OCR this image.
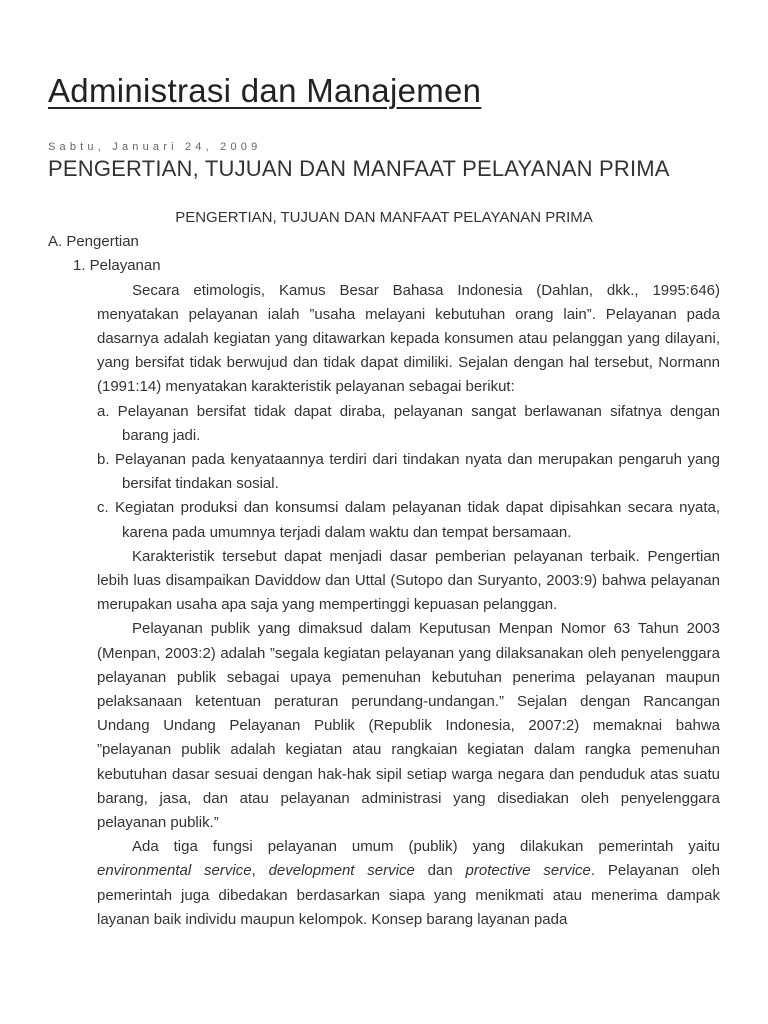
Administrasi dan Manajemen
Sabtu, Januari 24, 2009
PENGERTIAN, TUJUAN DAN MANFAAT PELAYANAN PRIMA
PENGERTIAN, TUJUAN DAN MANFAAT PELAYANAN PRIMA
A. Pengertian
1. Pelayanan

Secara etimologis, Kamus Besar Bahasa Indonesia (Dahlan, dkk., 1995:646) menyatakan pelayanan ialah ”usaha melayani kebutuhan orang lain”. Pelayanan pada dasarnya adalah kegiatan yang ditawarkan kepada konsumen atau pelanggan yang dilayani, yang bersifat tidak berwujud dan tidak dapat dimiliki. Sejalan dengan hal tersebut, Normann (1991:14) menyatakan karakteristik pelayanan sebagai berikut:

a. Pelayanan bersifat tidak dapat diraba, pelayanan sangat berlawanan sifatnya dengan barang jadi.

b. Pelayanan pada kenyataannya terdiri dari tindakan nyata dan merupakan pengaruh yang bersifat tindakan sosial.

c. Kegiatan produksi dan konsumsi dalam pelayanan tidak dapat dipisahkan secara nyata, karena pada umumnya terjadi dalam waktu dan tempat bersamaan.

Karakteristik tersebut dapat menjadi dasar pemberian pelayanan terbaik. Pengertian lebih luas disampaikan Daviddow dan Uttal (Sutopo dan Suryanto, 2003:9) bahwa pelayanan merupakan usaha apa saja yang mempertinggi kepuasan pelanggan.

Pelayanan publik yang dimaksud dalam Keputusan Menpan Nomor 63 Tahun 2003 (Menpan, 2003:2) adalah ”segala kegiatan pelayanan yang dilaksanakan oleh penyelenggara pelayanan publik sebagai upaya pemenuhan kebutuhan penerima pelayanan maupun pelaksanaan ketentuan peraturan perundang-undangan.” Sejalan dengan Rancangan Undang Undang Pelayanan Publik (Republik Indonesia, 2007:2) memaknai bahwa ”pelayanan publik adalah kegiatan atau rangkaian kegiatan dalam rangka pemenuhan kebutuhan dasar sesuai dengan hak-hak sipil setiap warga negara dan penduduk atas suatu barang, jasa, dan atau pelayanan administrasi yang disediakan oleh penyelenggara pelayanan publik.”

Ada tiga fungsi pelayanan umum (publik) yang dilakukan pemerintah yaitu environmental service, development service dan protective service. Pelayanan oleh pemerintah juga dibedakan berdasarkan siapa yang menikmati atau menerima dampak layanan baik individu maupun kelompok. Konsep barang layanan pada
